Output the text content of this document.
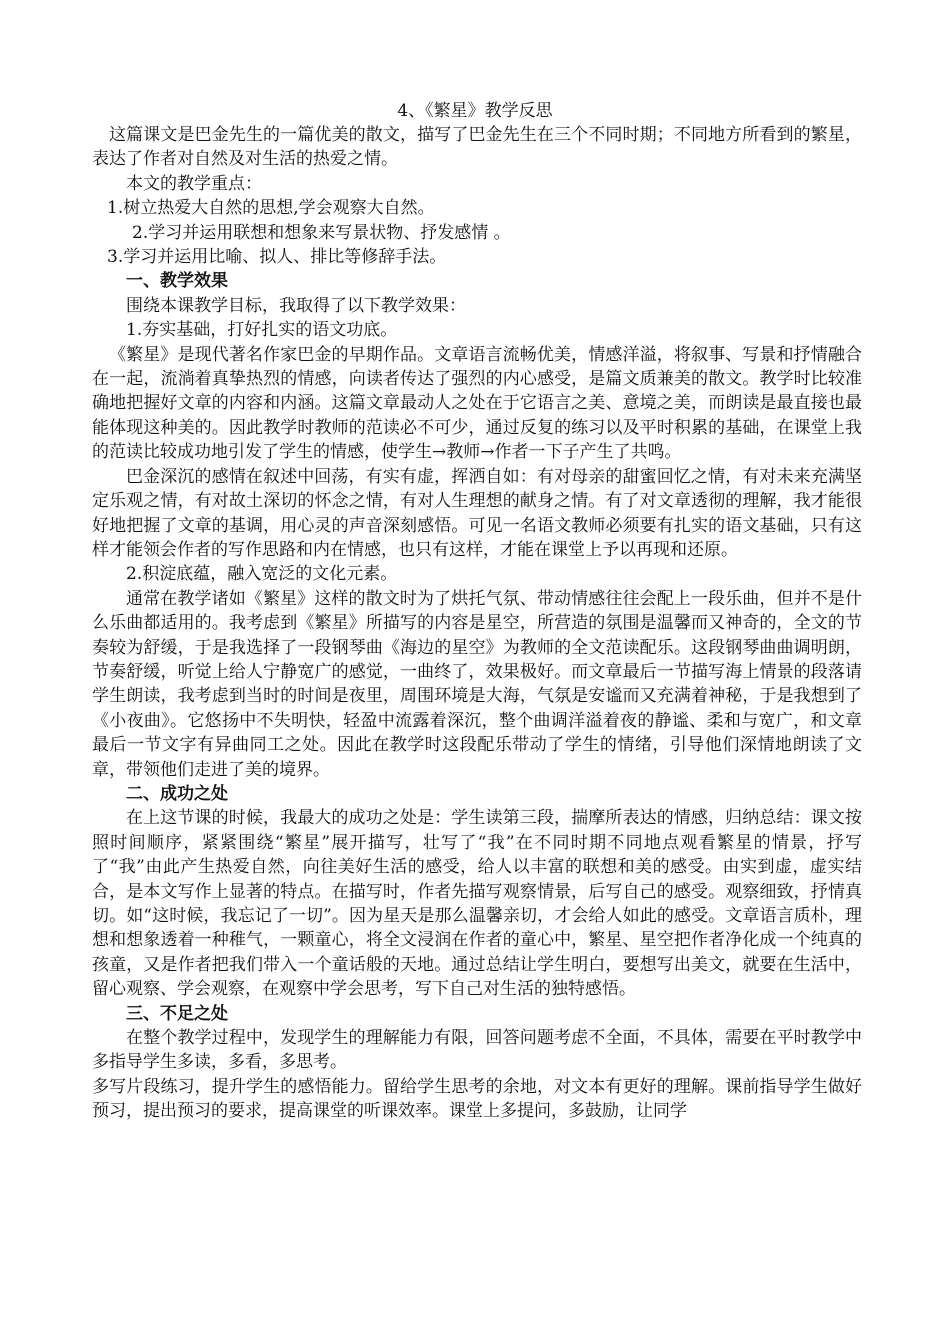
4、《繁星》教学反思

这篇课文是巴金先生的一篇优美的散文，描写了巴金先生在三个不同时期；不同地方所看到的繁星，表达了作者对自然及对生活的热爱之情。

本文的教学重点：

1.树立热爱大自然的思想,学会观察大自然。

2.学习并运用联想和想象来写景状物、抒发感情 。

3.学习并运用比喻、拟人、排比等修辞手法。

一、教学效果

围绕本课教学目标，我取得了以下教学效果：

1.夯实基础，打好扎实的语文功底。

《繁星》是现代著名作家巴金的早期作品。文章语言流畅优美，情感洋溢，将叙事、写景和抒情融合在一起，流淌着真挚热烈的情感，向读者传达了强烈的内心感受，是篇文质兼美的散文。教学时比较准确地把握好文章的内容和内涵。这篇文章最动人之处在于它语言之美、意境之美，而朗读是最直接也最能体现这种美的。因此教学时教师的范读必不可少，通过反复的练习以及平时积累的基础，在课堂上我的范读比较成功地引发了学生的情感，使学生→教师→作者一下子产生了共鸣。

巴金深沉的感情在叙述中回荡，有实有虚，挥洒自如：有对母亲的甜蜜回忆之情，有对未来充满坚定乐观之情，有对故土深切的怀念之情，有对人生理想的献身之情。有了对文章透彻的理解，我才能很好地把握了文章的基调，用心灵的声音深刻感悟。可见一名语文教师必须要有扎实的语文基础，只有这样才能领会作者的写作思路和内在情感，也只有这样，才能在课堂上予以再现和还原。

2.积淀底蕴，融入宽泛的文化元素。

通常在教学诸如《繁星》这样的散文时为了烘托气氛、带动情感往往会配上一段乐曲，但并不是什么乐曲都适用的。我考虑到《繁星》所描写的内容是星空，所营造的氛围是温馨而又神奇的，全文的节奏较为舒缓，于是我选择了一段钢琴曲《海边的星空》为教师的全文范读配乐。这段钢琴曲曲调明朗，节奏舒缓，听觉上给人宁静宽广的感觉，一曲终了，效果极好。而文章最后一节描写海上情景的段落请学生朗读，我考虑到当时的时间是夜里，周围环境是大海，气氛是安谧而又充满着神秘，于是我想到了《小夜曲》。它悠扬中不失明快，轻盈中流露着深沉，整个曲调洋溢着夜的静谧、柔和与宽广，和文章最后一节文字有异曲同工之处。因此在教学时这段配乐带动了学生的情绪，引导他们深情地朗读了文章，带领他们走进了美的境界。

二、成功之处

在上这节课的时候，我最大的成功之处是：学生读第三段，揣摩所表达的情感，归纳总结：课文按照时间顺序，紧紧围绕“繁星”展开描写，壮写了“我”在不同时期不同地点观看繁星的情景，抒写了“我”由此产生热爱自然，向往美好生活的感受，给人以丰富的联想和美的感受。由实到虚，虚实结合，是本文写作上显著的特点。在描写时，作者先描写观察情景，后写自己的感受。观察细致，抒情真切。如“这时候，我忘记了一切”。因为星天是那么温馨亲切，才会给人如此的感受。文章语言质朴，理想和想象透着一种稚气，一颗童心，将全文浸润在作者的童心中，繁星、星空把作者净化成一个纯真的孩童，又是作者把我们带入一个童话般的天地。通过总结让学生明白，要想写出美文，就要在生活中，留心观察、学会观察，在观察中学会思考，写下自己对生活的独特感悟。

三、不足之处

在整个教学过程中，发现学生的理解能力有限，回答问题考虑不全面，不具体，需要在平时教学中多指导学生多读，多看，多思考。

多写片段练习，提升学生的感悟能力。留给学生思考的余地，对文本有更好的理解。课前指导学生做好预习，提出预习的要求，提高课堂的听课效率。课堂上多提问，多鼓励，让同学
